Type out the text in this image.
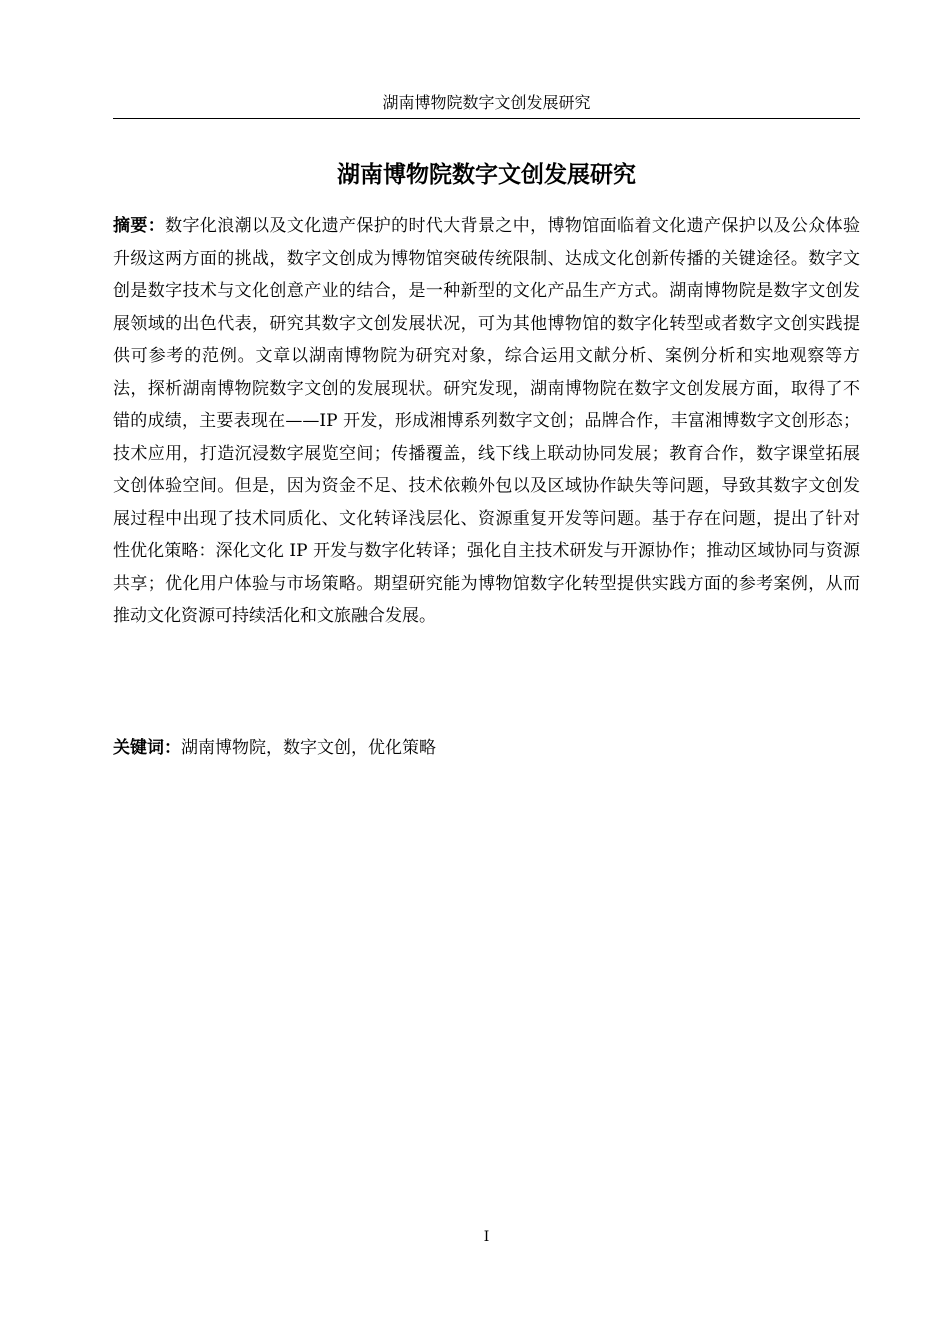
湖南博物院数字文创发展研究
湖南博物院数字文创发展研究

摘要：数字化浪潮以及文化遗产保护的时代大背景之中，博物馆面临着文化遗产保护以及公众体验升级这两方面的挑战，数字文创成为博物馆突破传统限制、达成文化创新传播的关键途径。数字文创是数字技术与文化创意产业的结合，是一种新型的文化产品生产方式。湖南博物院是数字文创发展领域的出色代表，研究其数字文创发展状况，可为其他博物馆的数字化转型或者数字文创实践提供可参考的范例。文章以湖南博物院为研究对象，综合运用文献分析、案例分析和实地观察等方法，探析湖南博物院数字文创的发展现状。研究发现，湖南博物院在数字文创发展方面，取得了不错的成绩，主要表现在——IP 开发，形成湘博系列数字文创；品牌合作，丰富湘博数字文创形态；技术应用，打造沉浸数字展览空间；传播覆盖，线下线上联动协同发展；教育合作，数字课堂拓展文创体验空间。但是，因为资金不足、技术依赖外包以及区域协作缺失等问题，导致其数字文创发展过程中出现了技术同质化、文化转译浅层化、资源重复开发等问题。基于存在问题，提出了针对性优化策略：深化文化 IP 开发与数字化转译；强化自主技术研发与开源协作；推动区域协同与资源共享；优化用户体验与市场策略。期望研究能为博物馆数字化转型提供实践方面的参考案例，从而推动文化资源可持续活化和文旅融合发展。

关键词：湖南博物院，数字文创，优化策略

I
